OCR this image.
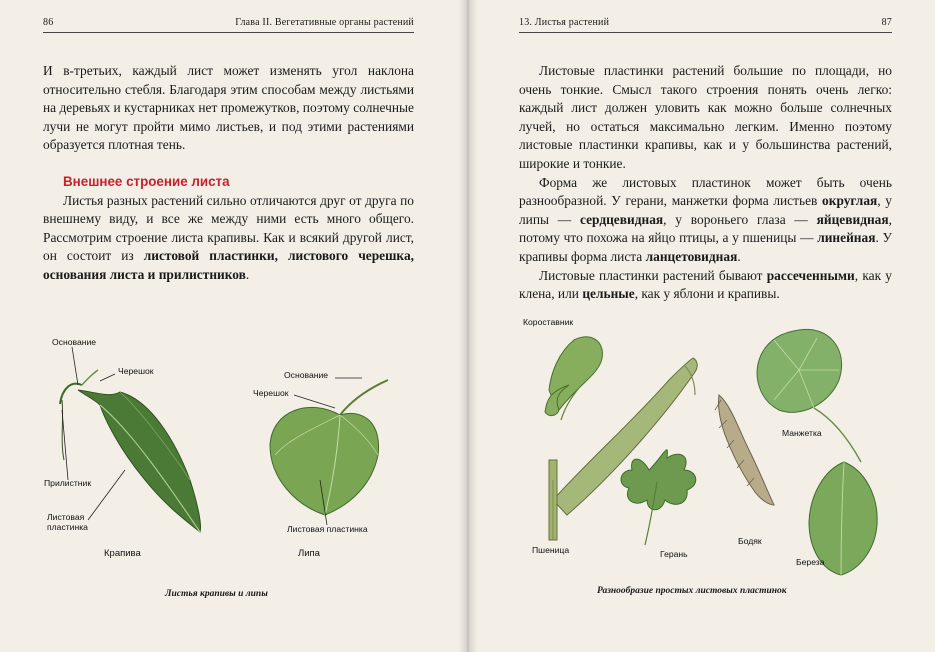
86	Глава II. Вегетативные органы растений

И в-третьих, каждый лист может изменять угол наклона относительно стебля. Благодаря этим способам между листьями на деревьях и кустарниках нет промежутков, поэтому солнечные лучи не могут пройти мимо листьев, и под этими растениями образуется плотная тень.

Внешнее строение листа

Листья разных растений сильно отличаются друг от друга по внешнему виду, и все же между ними есть много общего. Рассмотрим строение листа крапивы. Как и всякий другой лист, он состоит из листовой пластинки, листового черешка, основания листа и прилистников.

Основание
Черешок
Прилистник
Листовая пластинка
Крапива
Основание
Черешок
Листовая пластинка
Липа
Листья крапивы и липы
13. Листья растений	87

Листовые пластинки растений большие по площади, но очень тонкие. Смысл такого строения понять очень легко: каждый лист должен уловить как можно больше солнечных лучей, но остаться максимально легким. Именно поэтому листовые пластинки крапивы, как и у большинства растений, широкие и тонкие.

Форма же листовых пластинок может быть очень разнообразной. У герани, манжетки форма листьев округлая, у липы — сердцевидная, у вороньего глаза — яйцевидная, потому что похожа на яйцо птицы, а у пшеницы — линейная. У крапивы форма листа ланцетовидная.

Листовые пластинки растений бывают рассеченными, как у клена, или цельные, как у яблони и крапивы.

Короставник
Манжетка
Пшеница	Герань
Бодяк
Береза
Разнообразие простых листовых пластинок
